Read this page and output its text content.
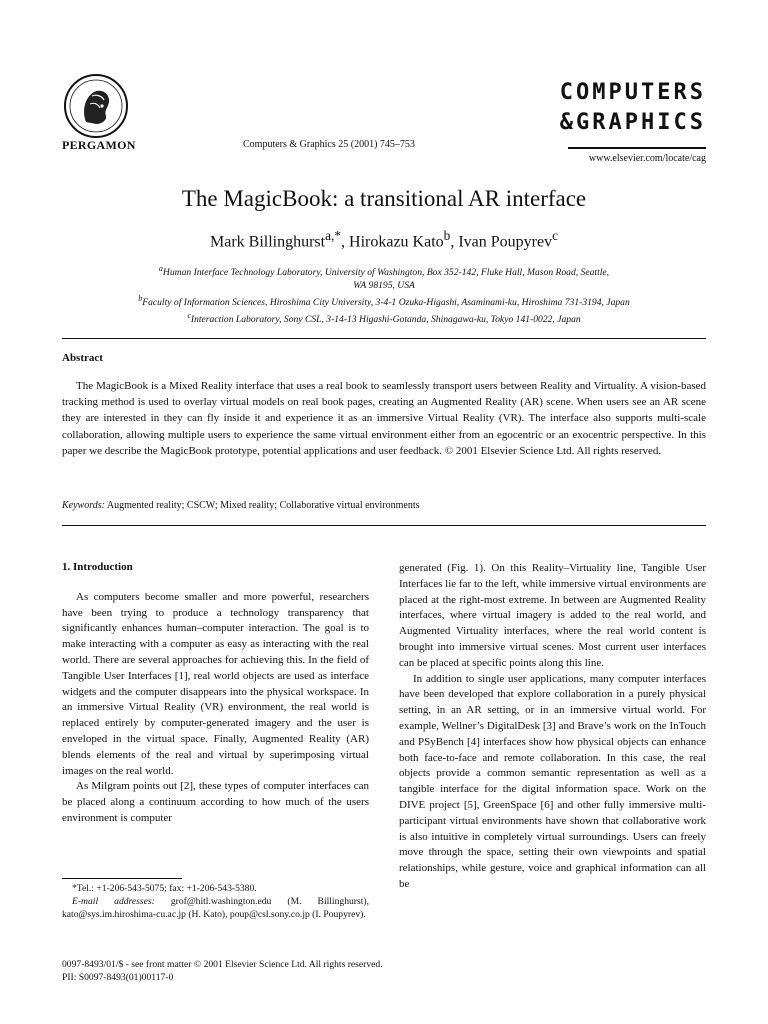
PERGAMON	Computers & Graphics 25 (2001) 745–753
COMPUTERS
&GRAPHICS
www.elsevier.com/locate/cag
The MagicBook: a transitional AR interface
Mark Billinghurst$^{a,*}$, Hirokazu Kato$^b$, Ivan Poupyrev$^c$
$^a$Human Interface Technology Laboratory, University of Washington, Box 352-142, Fluke Hall, Mason Road, Seattle,
WA 98195, USA
$^b$Faculty of Information Sciences, Hiroshima City University, 3-4-1 Ozuka-Higashi, Asaminami-ku, Hiroshima 731-3194, Japan
$^c$Interaction Laboratory, Sony CSL, 3-14-13 Higashi-Gotanda, Shinagawa-ku, Tokyo 141-0022, Japan
Abstract
The MagicBook is a Mixed Reality interface that uses a real book to seamlessly transport users between Reality and Virtuality. A vision-based tracking method is used to overlay virtual models on real book pages, creating an Augmented Reality (AR) scene. When users see an AR scene they are interested in they can fly inside it and experience it as an immersive Virtual Reality (VR). The interface also supports multi-scale collaboration, allowing multiple users to experience the same virtual environment either from an egocentric or an exocentric perspective. In this paper we describe the MagicBook prototype, potential applications and user feedback. © 2001 Elsevier Science Ltd. All rights reserved.
Keywords: Augmented reality; CSCW; Mixed reality; Collaborative virtual environments
1. Introduction

As computers become smaller and more powerful, researchers have been trying to produce a technology transparency that significantly enhances human–computer interaction. The goal is to make interacting with a computer as easy as interacting with the real world. There are several approaches for achieving this. In the field of Tangible User Interfaces [1], real world objects are used as interface widgets and the computer disappears into the physical workspace. In an immersive Virtual Reality (VR) environment, the real world is replaced entirely by computer-generated imagery and the user is enveloped in the virtual space. Finally, Augmented Reality (AR) blends elements of the real and virtual by superimposing virtual images on the real world.

As Milgram points out [2], these types of computer interfaces can be placed along a continuum according to how much of the users environment is computer

generated (Fig. 1). On this Reality–Virtuality line, Tangible User Interfaces lie far to the left, while immersive virtual environments are placed at the right-most extreme. In between are Augmented Reality interfaces, where virtual imagery is added to the real world, and Augmented Virtuality interfaces, where the real world content is brought into immersive virtual scenes. Most current user interfaces can be placed at specific points along this line.

In addition to single user applications, many computer interfaces have been developed that explore collaboration in a purely physical setting, in an AR setting, or in an immersive virtual world. For example, Wellner’s DigitalDesk [3] and Brave’s work on the InTouch and PSyBench [4] interfaces show how physical objects can enhance both face-to-face and remote collaboration. In this case, the real objects provide a common semantic representation as well as a tangible interface for the digital information space. Work on the DIVE project [5], GreenSpace [6] and other fully immersive multi-participant virtual environments have shown that collaborative work is also intuitive in completely virtual surroundings. Users can freely move through the space, setting their own viewpoints and spatial relationships, while gesture, voice and graphical information can all be

*Tel.: +1-206-543-5075; fax: +1-206-543-5380.

E-mail addresses: grof@hitl.washington.edu (M. Billinghurst), kato@sys.im.hiroshima-cu.ac.jp (H. Kato), poup@csl.sony.co.jp (I. Poupyrev).

0097-8493/01/$ - see front matter © 2001 Elsevier Science Ltd. All rights reserved.
PII: S0097-8493(01)00117-0
